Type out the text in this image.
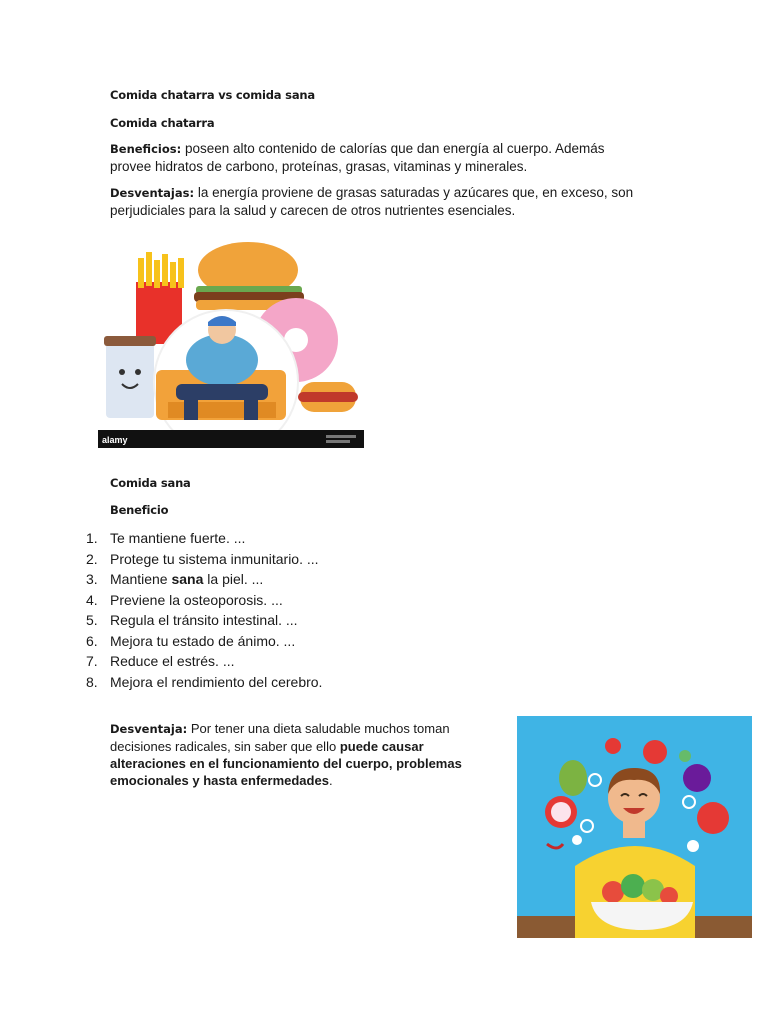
Comida chatarra vs comida sana
Comida chatarra
Beneficios: poseen alto contenido de calorías que dan energía al cuerpo. Además provee hidratos de carbono, proteínas, grasas, vitaminas y minerales.
Desventajas: la energía proviene de grasas saturadas y azúcares que, en exceso, son perjudiciales para la salud y carecen de otros nutrientes esenciales.
alamy
Comida sana
Beneficio
1. Te mantiene fuerte. ...
2. Protege tu sistema inmunitario. ...
3. Mantiene sana la piel. ...
4. Previene la osteoporosis. ...
5. Regula el tránsito intestinal. ...
6. Mejora tu estado de ánimo. ...
7. Reduce el estrés. ...
8. Mejora el rendimiento del cerebro.
Desventaja: Por tener una dieta saludable muchos toman decisiones radicales, sin saber que ello puede causar alteraciones en el funcionamiento del cuerpo, problemas emocionales y hasta enfermedades.
